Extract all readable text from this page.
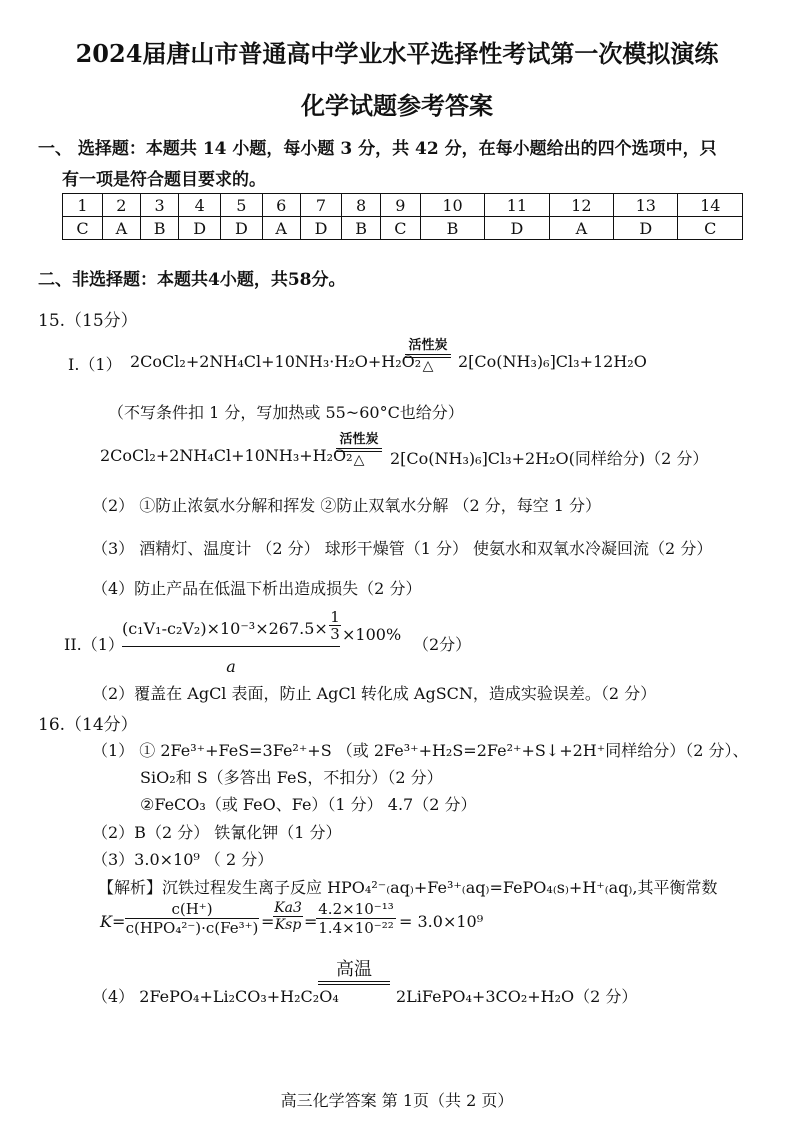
2024届唐山市普通高中学业水平选择性考试第一次模拟演练
化学试题参考答案
一、 选择题：本题共 14 小题，每小题 3 分，共 42 分，在每小题给出的四个选项中，只
有一项是符合题目要求的。
1	2	3	4	5	6	7	8	9	10	11	12	13	14
C	A	B	D	D	A	D	B	C	B	D	A	D	C
二、非选择题：本题共4小题，共58分。
15.（15分）
I.（1） 2CoCl₂+2NH₄Cl+10NH₃·H₂O+H₂O₂
活性炭
△	2[Co(NH₃)₆]Cl₃+12H₂O
（不写条件扣 1 分，写加热或 55~60°C也给分）
2CoCl₂+2NH₄Cl+10NH₃+H₂O₂
活性炭
△	2[Co(NH₃)₆]Cl₃+2H₂O(同样给分)（2 分）
（2） ①防止浓氨水分解和挥发 ②防止双氧水分解 （2 分，每空 1 分）
（3） 酒精灯、温度计 （2 分） 球形干燥管（1 分） 使氨水和双氧水冷凝回流（2 分）
（4）防止产品在低温下析出造成损失（2 分）
II.（1）
(c₁V₁-c₂V₂)×10⁻³×267.5×
a
1
3 ×100%
（2分）
（2）覆盖在 AgCl 表面，防止 AgCl 转化成 AgSCN，造成实验误差。（2 分）
16.（14分）
（1） ① 2Fe³⁺+FeS=3Fe²⁺+S （或 2Fe³⁺+H₂S=2Fe²⁺+S↓+2H⁺同样给分）（2 分）、
SiO₂和 S（多答出 FeS，不扣分）（2 分）
②FeCO₃（或 FeO、Fe）（1 分） 4.7（2 分）
（2）B（2 分） 铁氰化钾（1 分）
（3）3.0×10⁹ （ 2 分）
【解析】沉铁过程发生离子反应 HPO₄²⁻₍aq₎+Fe³⁺₍aq₎=FePO₄₍s₎+H⁺₍aq₎,其平衡常数
K=
c(H⁺)
c(HPO₄²⁻)·c(Fe³⁺) =
Ka3
Ksp =
4.2×10⁻¹³
1.4×10⁻²² = 3.0×10⁹
（4） 2FePO₄+Li₂CO₃+H₂C₂O₄
高温
2LiFePO₄+3CO₂+H₂O（2 分）
高三化学答案 第 1页（共 2 页）
